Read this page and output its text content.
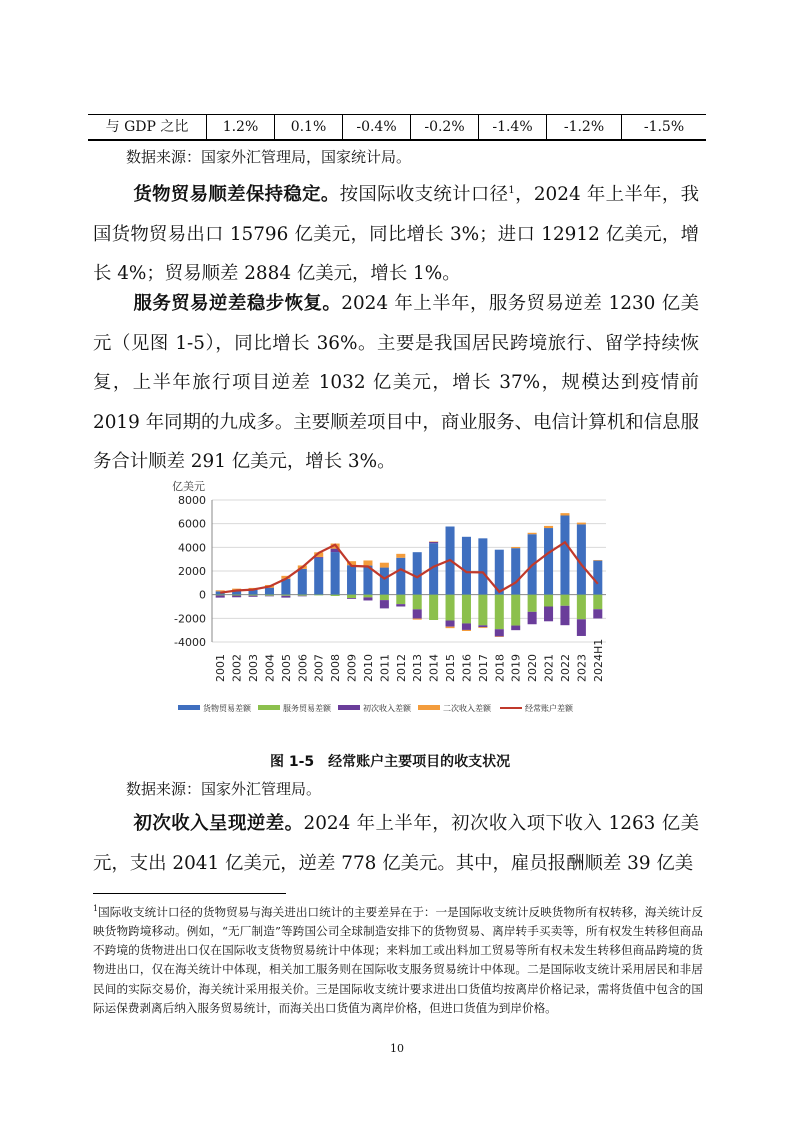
与 GDP 之比	1.2%	0.1%	-0.4%	-0.2%	-1.4%	-1.2%	-1.5%
数据来源：国家外汇管理局，国家统计局。
货物贸易顺差保持稳定。按国际收支统计口径$^1$，2024 年上半年，我国货物贸易出口 15796 亿美元，同比增长 3%；进口 12912 亿美元，增长 4%；贸易顺差 2884 亿美元，增长 1%。
服务贸易逆差稳步恢复。2024 年上半年，服务贸易逆差 1230 亿美元（见图 1-5），同比增长 36%。主要是我国居民跨境旅行、留学持续恢复，上半年旅行项目逆差 1032 亿美元，增长 37%，规模达到疫情前 2019 年同期的九成多。主要顺差项目中，商业服务、电信计算机和信息服务合计顺差 291 亿美元，增长 3%。
亿美元
8000
6000
4000
2000
0
-2000
-4000
2001 2002 2003 2004 2005 2006 2007 2008 2009 2010 2011 2012 2013 2014 2015 2016 2017 2018 2019 2020 2021 2022 2023 2024H1
货物贸易差额	服务贸易差额	初次收入差额	二次收入差额	经常账户差额
图 1-5　经常账户主要项目的收支状况
数据来源：国家外汇管理局。
初次收入呈现逆差。2024 年上半年，初次收入项下收入 1263 亿美元，支出 2041 亿美元，逆差 778 亿美元。其中，雇员报酬顺差 39 亿美
$^1$国际收支统计口径的货物贸易与海关进出口统计的主要差异在于：一是国际收支统计反映货物所有权转移，海关统计反映货物跨境移动。例如，“无厂制造”等跨国公司全球制造安排下的货物贸易、离岸转手买卖等，所有权发生转移但商品不跨境的货物进出口仅在国际收支货物贸易统计中体现；来料加工或出料加工贸易等所有权未发生转移但商品跨境的货物进出口，仅在海关统计中体现，相关加工服务则在国际收支服务贸易统计中体现。二是国际收支统计采用居民和非居民间的实际交易价，海关统计采用报关价。三是国际收支统计要求进出口货值均按离岸价格记录，需将货值中包含的国际运保费剥离后纳入服务贸易统计，而海关出口货值为离岸价格，但进口货值为到岸价格。
10
